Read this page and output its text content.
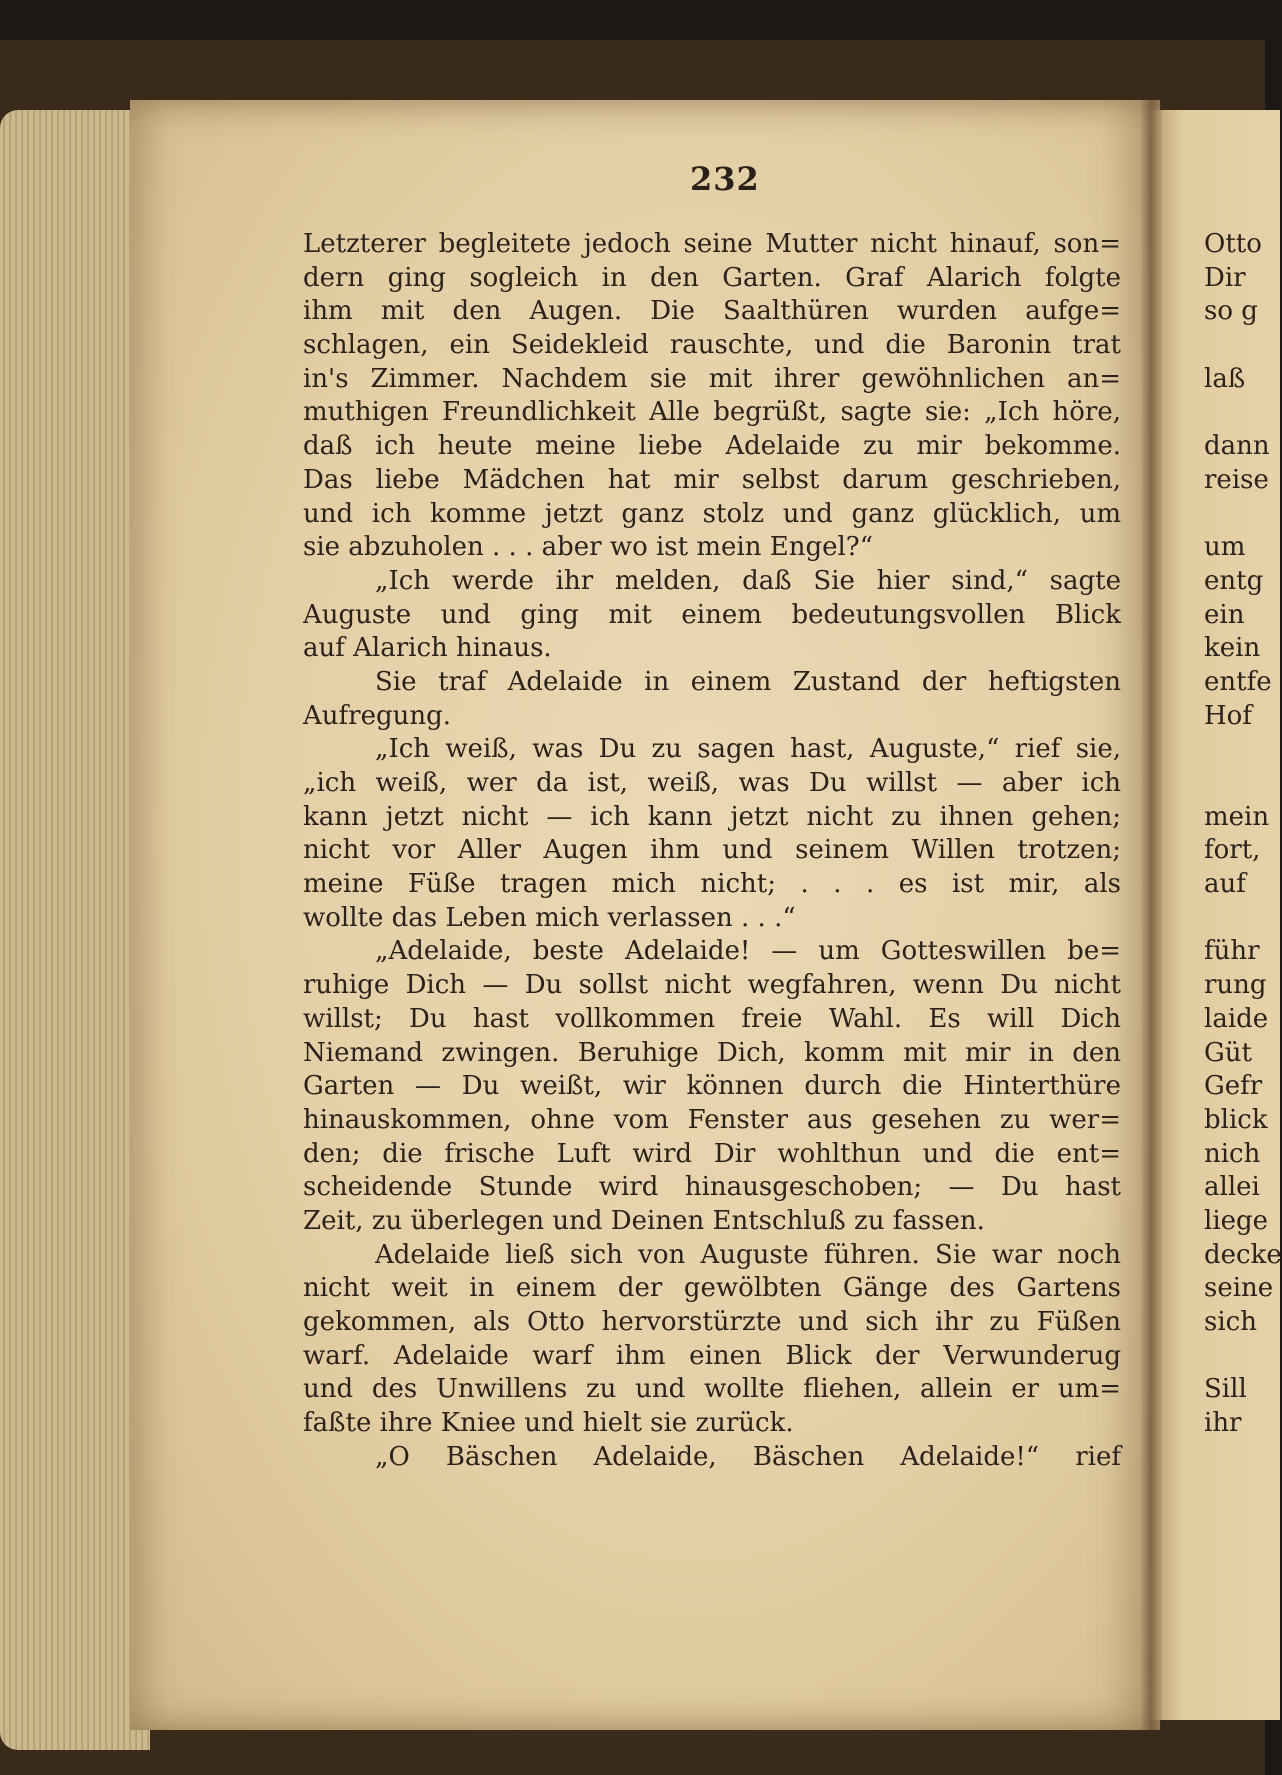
232
Letzterer begleitete jedoch seine Mutter nicht hinauf, son=
dern ging sogleich in den Garten. Graf Alarich folgte
ihm mit den Augen. Die Saalthüren wurden aufge=
schlagen, ein Seidekleid rauschte, und die Baronin trat
in's Zimmer. Nachdem sie mit ihrer gewöhnlichen an=
muthigen Freundlichkeit Alle begrüßt, sagte sie: „Ich höre,
daß ich heute meine liebe Adelaide zu mir bekomme.
Das liebe Mädchen hat mir selbst darum geschrieben,
und ich komme jetzt ganz stolz und ganz glücklich, um
sie abzuholen . . . aber wo ist mein Engel?“
„Ich werde ihr melden, daß Sie hier sind,“ sagte
Auguste und ging mit einem bedeutungsvollen Blick
auf Alarich hinaus.
Sie traf Adelaide in einem Zustand der heftigsten
Aufregung.
„Ich weiß, was Du zu sagen hast, Auguste,“ rief sie,
„ich weiß, wer da ist, weiß, was Du willst — aber ich
kann jetzt nicht — ich kann jetzt nicht zu ihnen gehen;
nicht vor Aller Augen ihm und seinem Willen trotzen;
meine Füße tragen mich nicht; . . . es ist mir, als
wollte das Leben mich verlassen . . .“
„Adelaide, beste Adelaide! — um Gotteswillen be=
ruhige Dich — Du sollst nicht wegfahren, wenn Du nicht
willst; Du hast vollkommen freie Wahl. Es will Dich
Niemand zwingen. Beruhige Dich, komm mit mir in den
Garten — Du weißt, wir können durch die Hinterthüre
hinauskommen, ohne vom Fenster aus gesehen zu wer=
den; die frische Luft wird Dir wohlthun und die ent=
scheidende Stunde wird hinausgeschoben; — Du hast
Zeit, zu überlegen und Deinen Entschluß zu fassen.
Adelaide ließ sich von Auguste führen. Sie war noch
nicht weit in einem der gewölbten Gänge des Gartens
gekommen, als Otto hervorstürzte und sich ihr zu Füßen
warf. Adelaide warf ihm einen Blick der Verwunderug
und des Unwillens zu und wollte fliehen, allein er um=
faßte ihre Kniee und hielt sie zurück.
„O Bäschen Adelaide, Bäschen Adelaide!“ rief
Otto
Dir
so g
laß
dann
reise
um
entg
ein
kein
entfe
Hof
mein
fort,
auf
führ
rung
laide
Güt
Gefr
blick
nich
allei
liege
decke
seine
sich
Sill
ihr
